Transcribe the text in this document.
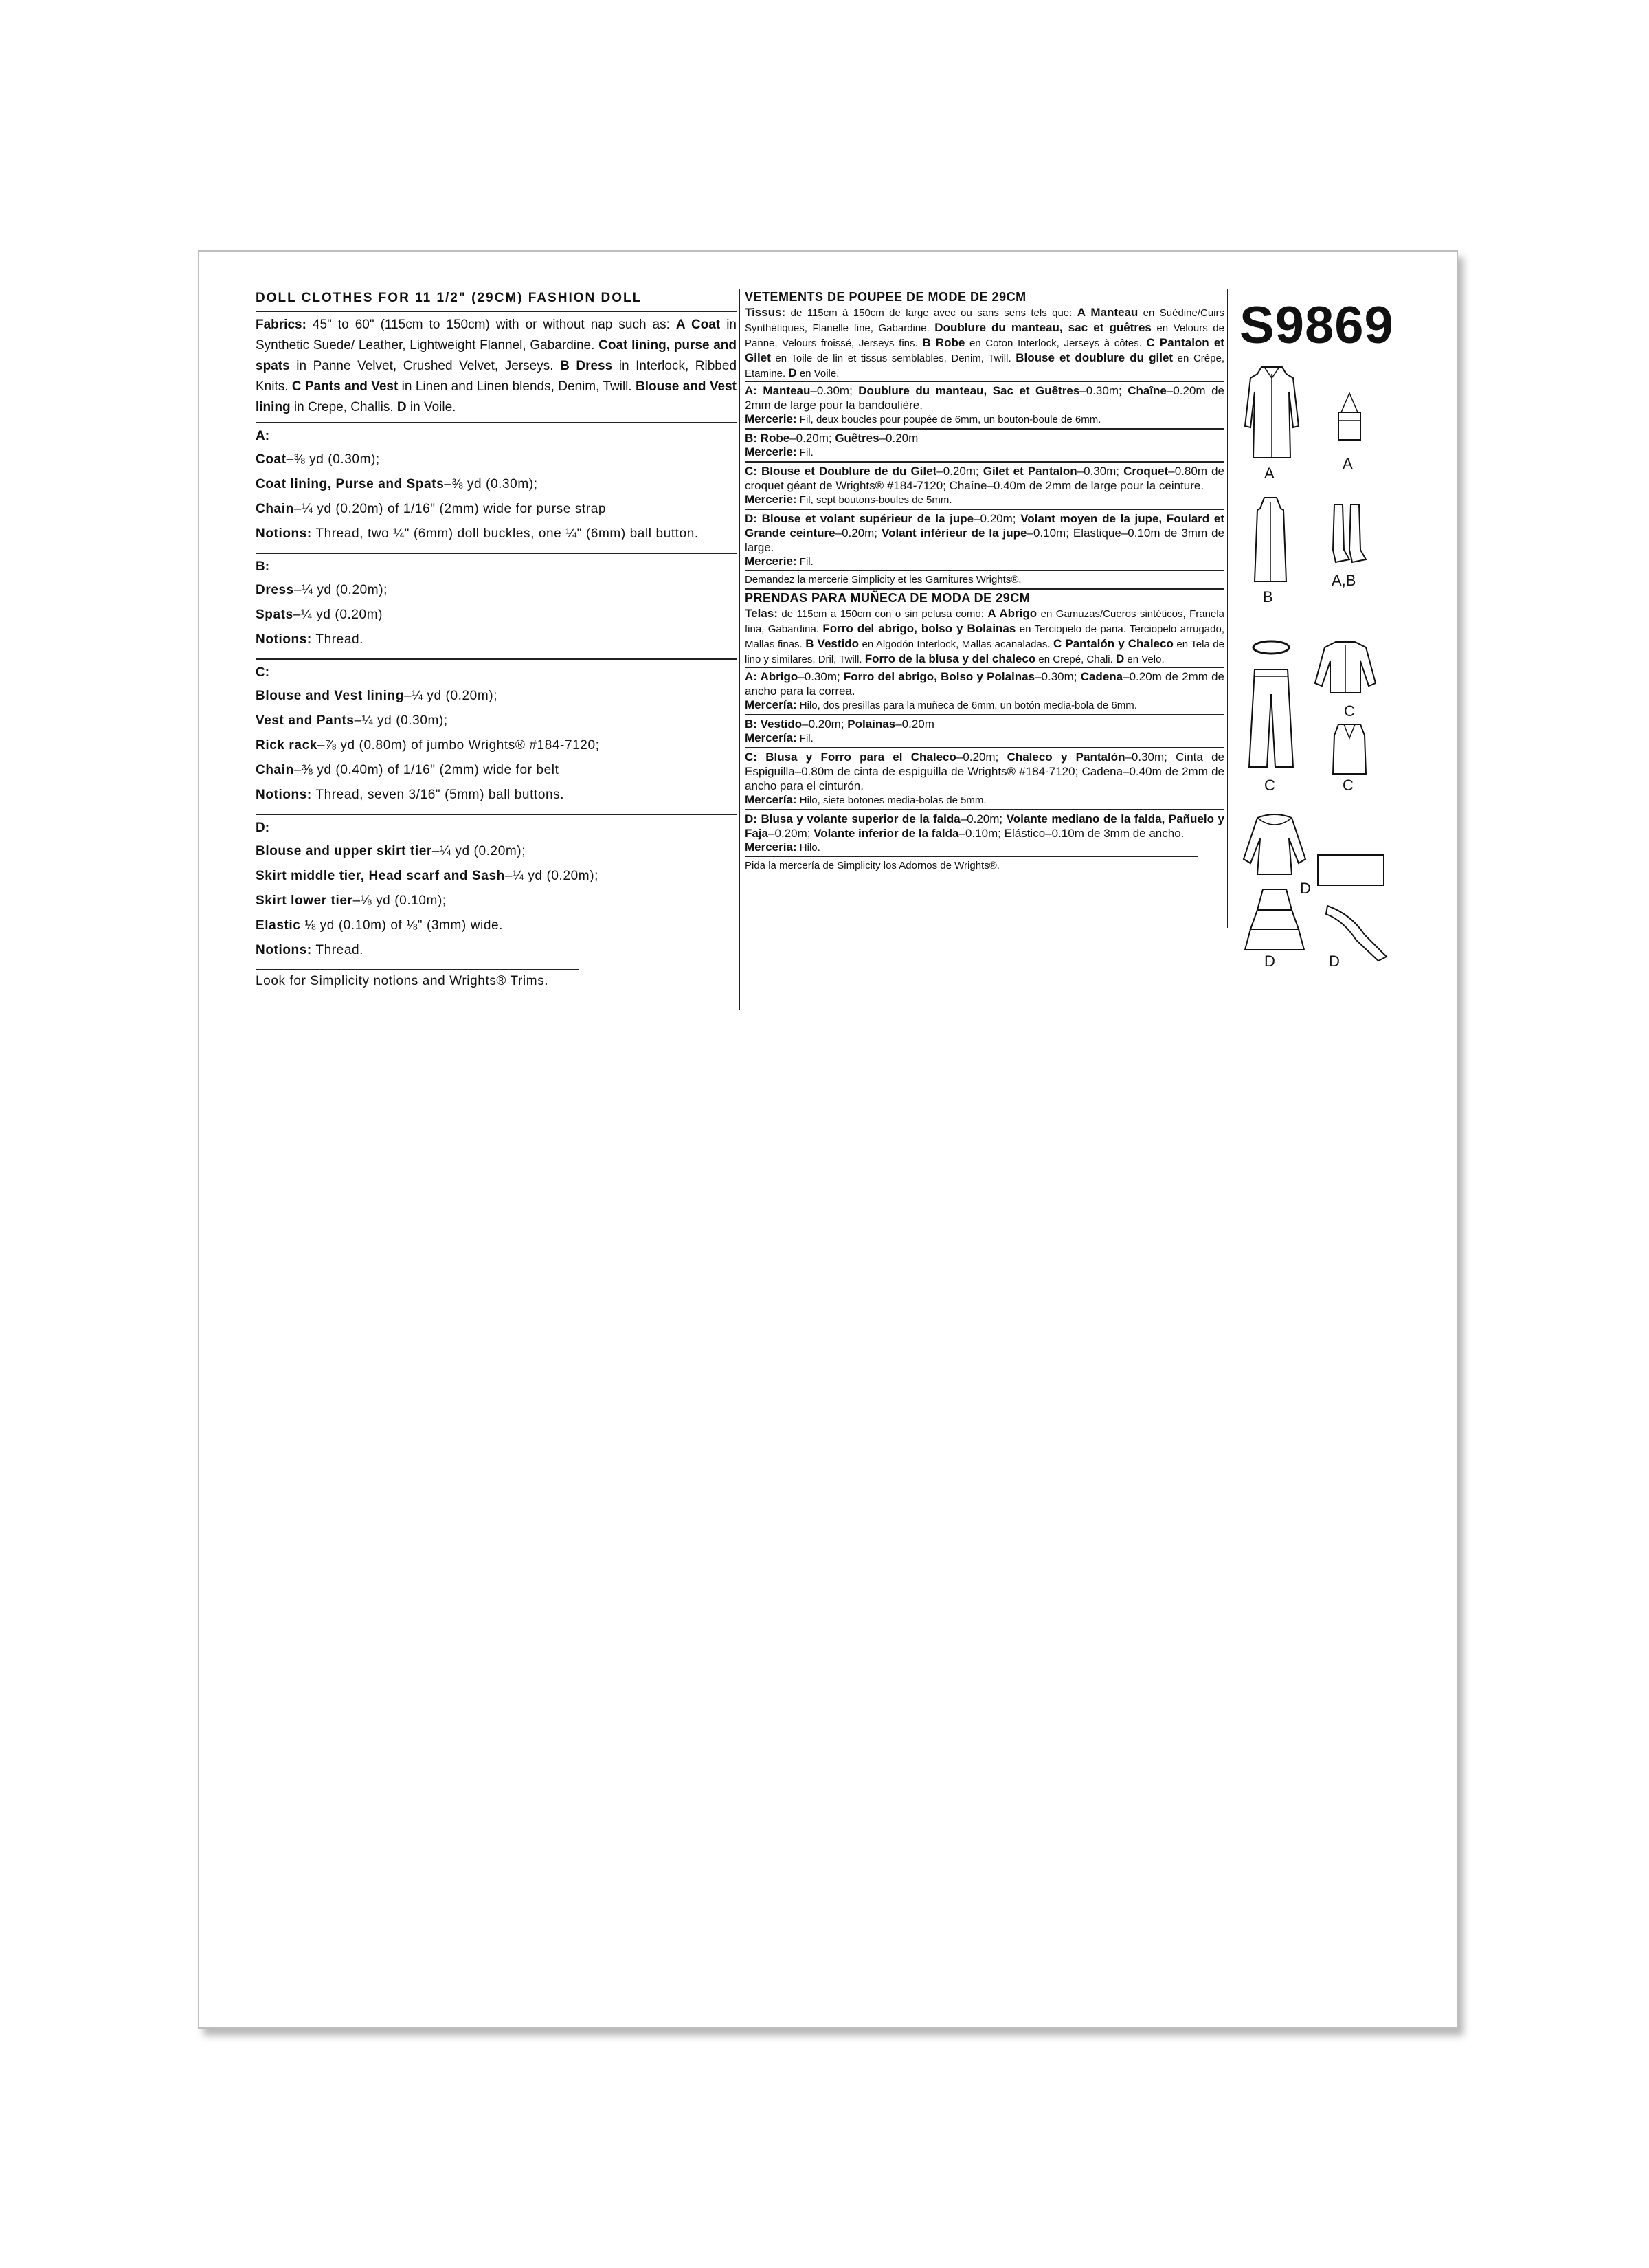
DOLL CLOTHES FOR 11 1/2" (29CM) FASHION DOLL

Fabrics: 45" to 60" (115cm to 150cm) with or without nap such as: A Coat in Synthetic Suede/ Leather, Lightweight Flannel, Gabardine. Coat lining, purse and spats in Panne Velvet, Crushed Velvet, Jerseys. B Dress in Interlock, Ribbed Knits. C Pants and Vest in Linen and Linen blends, Denim, Twill. Blouse and Vest lining in Crepe, Challis. D in Voile.

A:
Coat–⅜ yd (0.30m);
Coat lining, Purse and Spats–⅜ yd (0.30m);
Chain–¼ yd (0.20m) of 1/16" (2mm) wide for purse strap
Notions: Thread, two ¼" (6mm) doll buckles, one ¼" (6mm) ball button.
B:
Dress–¼ yd (0.20m);
Spats–¼ yd (0.20m)
Notions: Thread.
C:
Blouse and Vest lining–¼ yd (0.20m);
Vest and Pants–¼ yd (0.30m);
Rick rack–⅞ yd (0.80m) of jumbo Wrights® #184-7120;
Chain–⅜ yd (0.40m) of 1/16" (2mm) wide for belt
Notions: Thread, seven 3/16" (5mm) ball buttons.
D:
Blouse and upper skirt tier–¼ yd (0.20m);
Skirt middle tier, Head scarf and Sash–¼ yd (0.20m);
Skirt lower tier–⅛ yd (0.10m);
Elastic ⅛ yd (0.10m) of ⅛" (3mm) wide.
Notions: Thread.
Look for Simplicity notions and Wrights® Trims.
VETEMENTS DE POUPEE DE MODE DE 29CM
Tissus: de 115cm à 150cm de large avec ou sans sens tels que: A Manteau en Suédine/Cuirs Synthétiques, Flanelle fine, Gabardine. Doublure du manteau, sac et guêtres en Velours de Panne, Velours froissé, Jerseys fins. B Robe en Coton Interlock, Jerseys à côtes. C Pantalon et Gilet en Toile de lin et tissus semblables, Denim, Twill. Blouse et doublure du gilet en Crêpe, Etamine. D en Voile.
A: Manteau–0.30m; Doublure du manteau, Sac et Guêtres–0.30m; Chaîne–0.20m de 2mm de large pour la bandoulière.
Mercerie: Fil, deux boucles pour poupée de 6mm, un bouton-boule de 6mm.
B: Robe–0.20m; Guêtres–0.20m
Mercerie: Fil.
C: Blouse et Doublure de du Gilet–0.20m; Gilet et Pantalon–0.30m; Croquet–0.80m de croquet géant de Wrights® #184-7120; Chaîne–0.40m de 2mm de large pour la ceinture.
Mercerie: Fil, sept boutons-boules de 5mm.
D: Blouse et volant supérieur de la jupe–0.20m; Volant moyen de la jupe, Foulard et Grande ceinture–0.20m; Volant inférieur de la jupe–0.10m; Elastique–0.10m de 3mm de large.
Mercerie: Fil.
Demandez la mercerie Simplicity et les Garnitures Wrights®.
PRENDAS PARA MUÑECA DE MODA DE 29CM
Telas: de 115cm a 150cm con o sin pelusa como: A Abrigo en Gamuzas/Cueros sintéticos, Franela fina, Gabardina. Forro del abrigo, bolso y Bolainas en Terciopelo de pana. Terciopelo arrugado, Mallas finas. B Vestido en Algodón Interlock, Mallas acanaladas. C Pantalón y Chaleco en Tela de lino y similares, Dril, Twill. Forro de la blusa y del chaleco en Crepé, Chali. D en Velo.
A: Abrigo–0.30m; Forro del abrigo, Bolso y Polainas–0.30m; Cadena–0.20m de 2mm de ancho para la correa.
Mercería: Hilo, dos presillas para la muñeca de 6mm, un botón media-bola de 6mm.
B: Vestido–0.20m; Polainas–0.20m
Mercería: Fil.
C: Blusa y Forro para el Chaleco–0.20m; Chaleco y Pantalón–0.30m; Cinta de Espiguilla–0.80m de cinta de espiguilla de Wrights® #184-7120; Cadena–0.40m de 2mm de ancho para el cinturón.
Mercería: Hilo, siete botones media-bolas de 5mm.
D: Blusa y volante superior de la falda–0.20m; Volante mediano de la falda, Pañuelo y Faja–0.20m; Volante inferior de la falda–0.10m; Elástico–0.10m de 3mm de ancho.
Mercería: Hilo.
Pida la mercería de Simplicity los Adornos de Wrights®.
S9869
A
A
B
A,B
C
C	C
D
D	D
